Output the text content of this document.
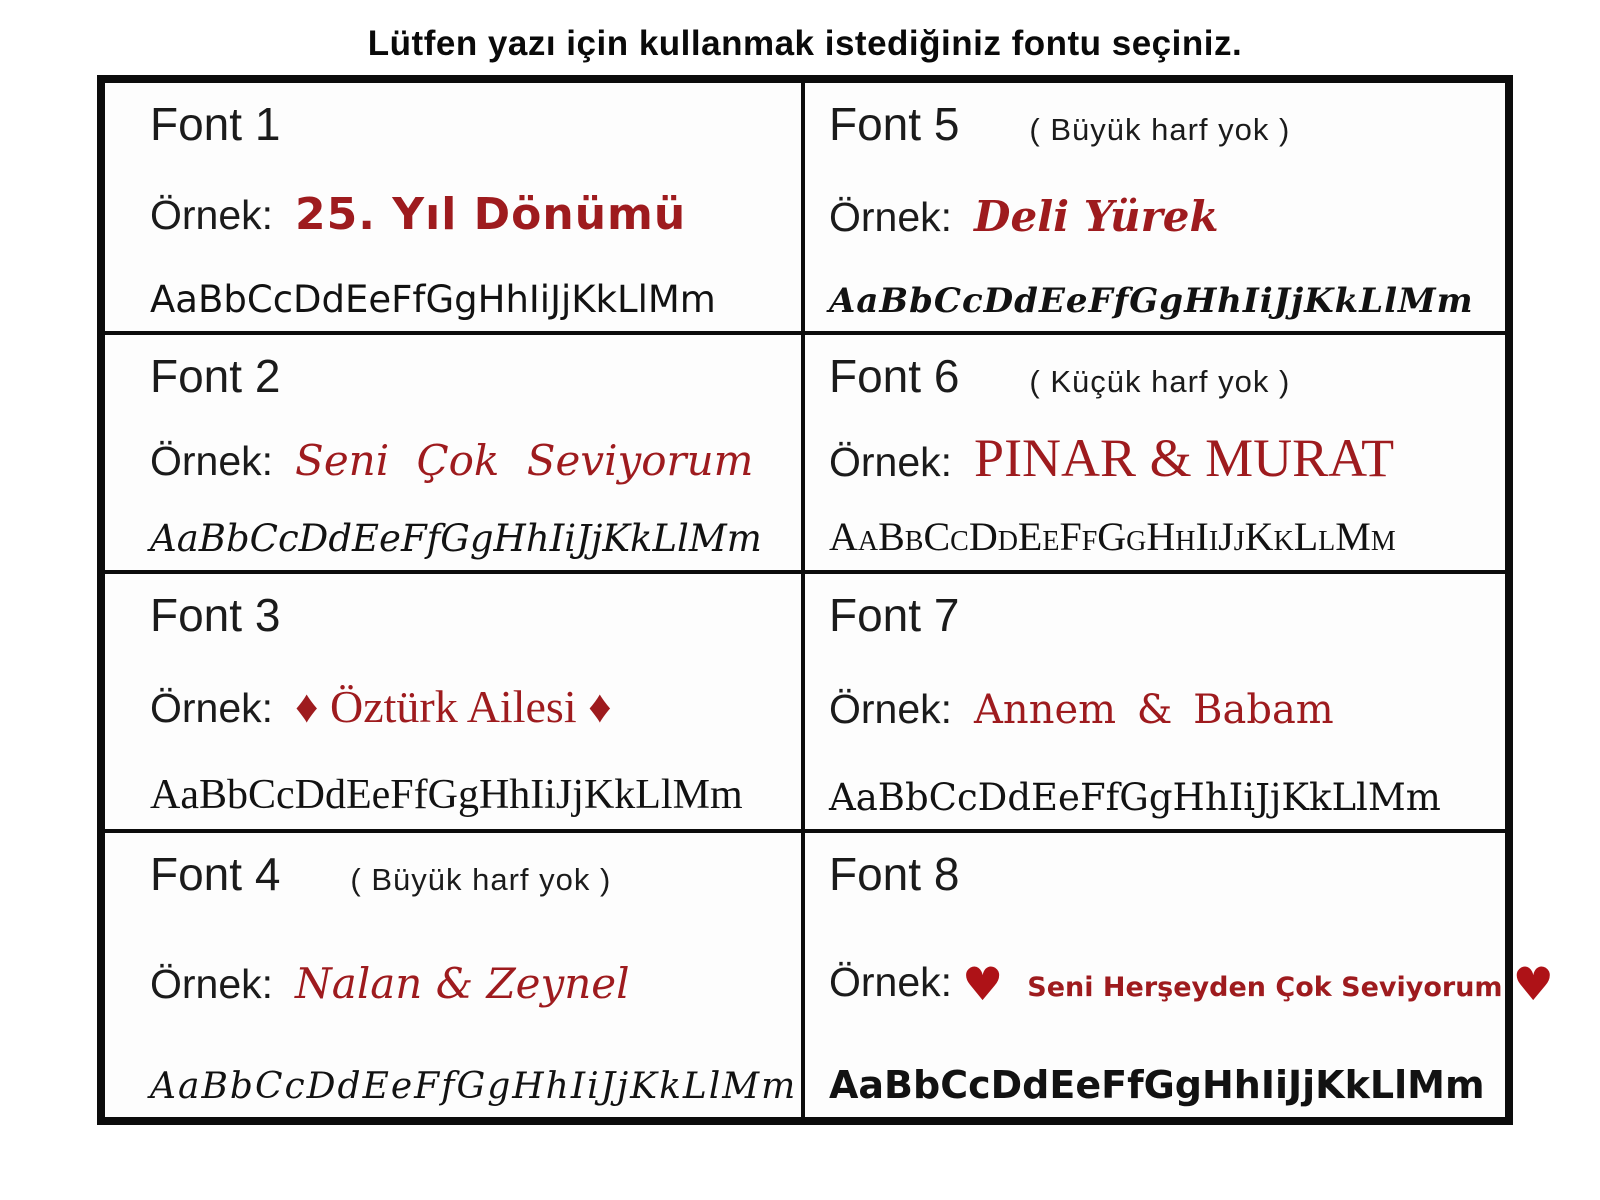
Lütfen yazı için kullanmak istediğiniz fontu seçiniz.
Font 1
Örnek: 25. Yıl Dönümü
AaBbCcDdEeFfGgHhIiJjKkLlMm
Font 5 ( Büyük harf yok )
Örnek: Deli Yürek
AaBbCcDdEeFfGgHhIiJjKkLlMm
Font 2
Örnek: Seni Çok Seviyorum
AaBbCcDdEeFfGgHhIiJjKkLlMm
Font 6 ( Küçük harf yok )
Örnek: PINAR & MURAT
AaBbCcDdEeFfGgHhIiJjKkLlMm
Font 3
Örnek: ♦ Öztürk Ailesi ♦
AaBbCcDdEeFfGgHhIiJjKkLlMm
Font 7
Örnek: Annem & Babam
AaBbCcDdEeFfGgHhIiJjKkLlMm
Font 4 ( Büyük harf yok )
Örnek: Nalan & Zeynel
AaBbCcDdEeFfGgHhIiJjKkLlMm
Font 8
Örnek: ♥ Seni Herşeyden Çok Seviyorum ♥
AaBbCcDdEeFfGgHhIiJjKkLlMm
